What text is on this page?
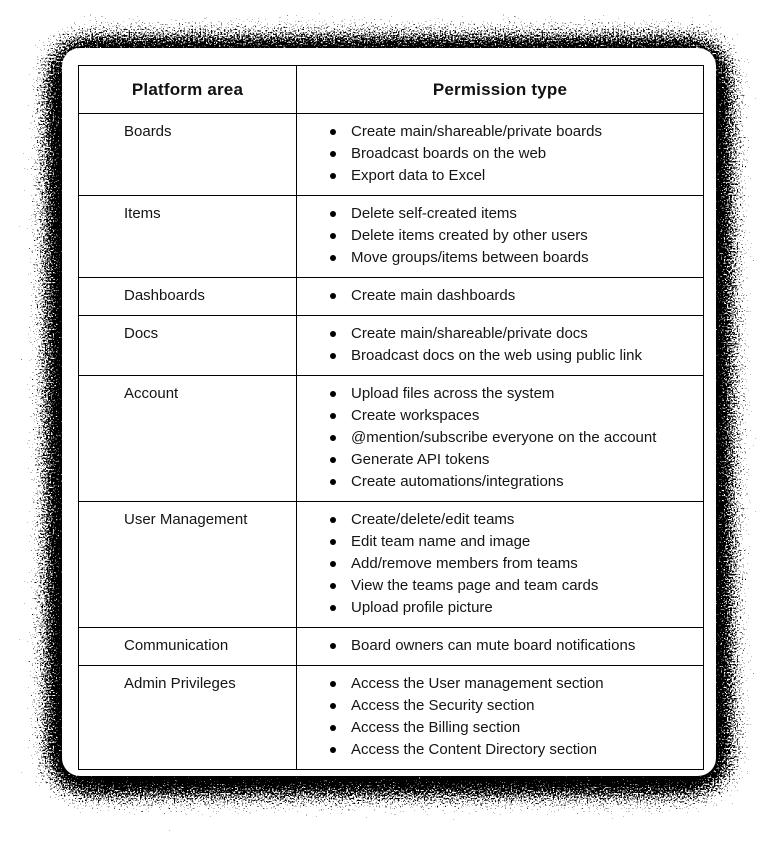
Platform area	Permission type
Boards	Create main/shareable/private boards
Broadcast boards on the web
Export data to Excel

Items	Delete self-created items
Delete items created by other users
Move groups/items between boards

Dashboards	Create main dashboards

Docs	Create main/shareable/private docs
Broadcast docs on the web using public link

Account	Upload files across the system
Create workspaces
@mention/subscribe everyone on the account
Generate API tokens
Create automations/integrations

User Management	Create/delete/edit teams
Edit team name and image
Add/remove members from teams
View the teams page and team cards
Upload profile picture

Communication	Board owners can mute board notifications

Admin Privileges	Access the User management section
Access the Security section
Access the Billing section
Access the Content Directory section
